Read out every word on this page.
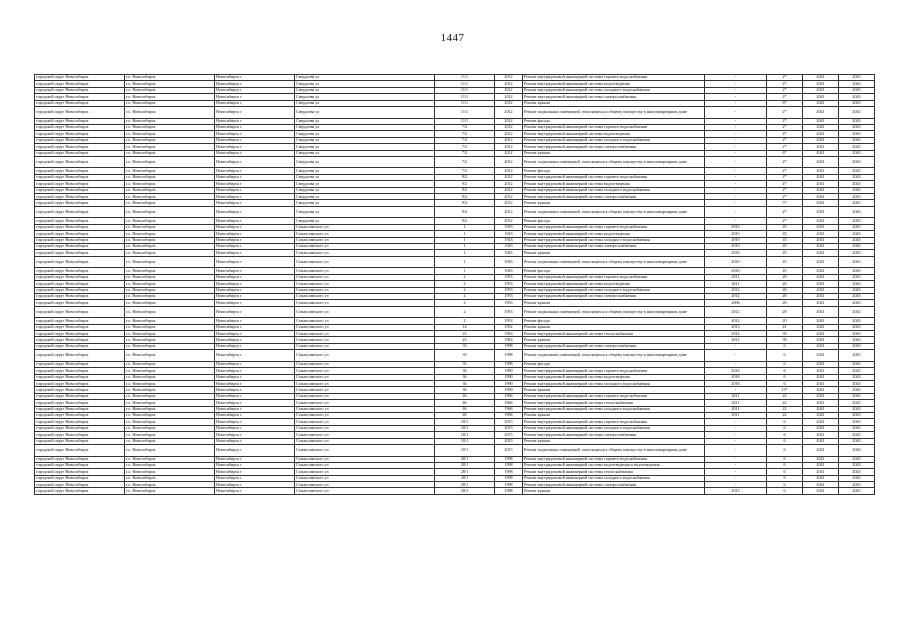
1447
городской округ Новосибирск	г.о. Новосибирск	Новосибирск г	Свердлова ул	11/1	2012	Ремонт внутридомовой инженерной системы горячего водоснабжения	-	2*	2041	2043
городской округ Новосибирск	г.о. Новосибирск	Новосибирск г	Свердлова ул	11/1	2012	Ремонт внутридомовой инженерной системы водоотведения	-	4*	2041	2043
городской округ Новосибирск	г.о. Новосибирск	Новосибирск г	Свердлова ул	11/1	2012	Ремонт внутридомовой инженерной системы холодного водоснабжения	-	2*	2041	2043
городской округ Новосибирск	г.о. Новосибирск	Новосибирск г	Свердлова ул	11/1	2012	Ремонт внутридомовой инженерной системы электроснабжения	-	2*	2041	2043
городской округ Новосибирск	г.о. Новосибирск	Новосибирск г	Свердлова ул	11/1	2012	Ремонт крыши	-	6*	2041	2043
городской округ Новосибирск	г.о. Новосибирск	Новосибирск г	Свердлова ул	11/1	2012	Ремонт подвальных помещений, относящихся к общему имуществу в многоквартирном доме	-	2*	2041	2043
городской округ Новосибирск	г.о. Новосибирск	Новосибирск г	Свердлова ул	11/1	2012	Ремонт фасада	-	2*	2041	2043
городской округ Новосибирск	г.о. Новосибирск	Новосибирск г	Свердлова ул	7/2	2012	Ремонт внутридомовой инженерной системы горячего водоснабжения	-	2*	2041	2043
городской округ Новосибирск	г.о. Новосибирск	Новосибирск г	Свердлова ул	7/2	2012	Ремонт внутридомовой инженерной системы водоотведения	-	4*	2041	2043
городской округ Новосибирск	г.о. Новосибирск	Новосибирск г	Свердлова ул	7/2	2012	Ремонт внутридомовой инженерной системы холодного водоснабжения	-	2*	2041	2043
городской округ Новосибирск	г.о. Новосибирск	Новосибирск г	Свердлова ул	7/2	2012	Ремонт внутридомовой инженерной системы электроснабжения	-	2*	2041	2043
городской округ Новосибирск	г.о. Новосибирск	Новосибирск г	Свердлова ул	7/2	2012	Ремонт крыши	-	6*	2041	2043
городской округ Новосибирск	г.о. Новосибирск	Новосибирск г	Свердлова ул	7/2	2012	Ремонт подвальных помещений, относящихся к общему имуществу в многоквартирном доме	-	2*	2041	2043
городской округ Новосибирск	г.о. Новосибирск	Новосибирск г	Свердлова ул	7/2	2012	Ремонт фасада	-	2*	2041	2043
городской округ Новосибирск	г.о. Новосибирск	Новосибирск г	Свердлова ул	9/2	2012	Ремонт внутридомовой инженерной системы горячего водоснабжения	-	2*	2041	2043
городской округ Новосибирск	г.о. Новосибирск	Новосибирск г	Свердлова ул	9/2	2012	Ремонт внутридомовой инженерной системы водоотведения	-	4*	2041	2043
городской округ Новосибирск	г.о. Новосибирск	Новосибирск г	Свердлова ул	9/2	2012	Ремонт внутридомовой инженерной системы холодного водоснабжения	-	2*	2041	2043
городской округ Новосибирск	г.о. Новосибирск	Новосибирск г	Свердлова ул	9/2	2012	Ремонт внутридомовой инженерной системы электроснабжения	-	2*	2041	2043
городской округ Новосибирск	г.о. Новосибирск	Новосибирск г	Свердлова ул	9/2	2012	Ремонт крыши	-	5*	2041	2043
городской округ Новосибирск	г.о. Новосибирск	Новосибирск г	Свердлова ул	9/2	2012	Ремонт подвальных помещений, относящихся к общему имуществу в многоквартирном доме	-	2*	2041	2043
городской округ Новосибирск	г.о. Новосибирск	Новосибирск г	Свердлова ул	9/2	2012	Ремонт фасада	-	2*	2041	2043
городской округ Новосибирск	г.о. Новосибирск	Новосибирск г	Станиславского ул	1	1943	Ремонт внутридомовой инженерной системы горячего водоснабжения	2010	45	2041	2043
городской округ Новосибирск	г.о. Новосибирск	Новосибирск г	Станиславского ул	1	1943	Ремонт внутридомовой инженерной системы водоотведения	2010	45	2041	2043
городской округ Новосибирск	г.о. Новосибирск	Новосибирск г	Станиславского ул	1	1943	Ремонт внутридомовой инженерной системы холодного водоснабжения	2010	45	2041	2043
городской округ Новосибирск	г.о. Новосибирск	Новосибирск г	Станиславского ул	1	1943	Ремонт внутридомовой инженерной системы электроснабжения	2010	45	2041	2043
городской округ Новосибирск	г.о. Новосибирск	Новосибирск г	Станиславского ул	1	1943	Ремонт крыши	2010	45	2041	2043
городской округ Новосибирск	г.о. Новосибирск	Новосибирск г	Станиславского ул	1	1943	Ремонт подвальных помещений, относящихся к общему имуществу в многоквартирном доме	2010	45	2041	2043
городской округ Новосибирск	г.о. Новосибирск	Новосибирск г	Станиславского ул	1	1943	Ремонт фасада	2010	45	2041	2043
городской округ Новосибирск	г.о. Новосибирск	Новосибирск г	Станиславского ул	2	1953	Ремонт внутридомовой инженерной системы горячего водоснабжения	2011	20	2041	2043
городской округ Новосибирск	г.о. Новосибирск	Новосибирск г	Станиславского ул	2	1953	Ремонт внутридомовой инженерной системы водоотведения	2011	20	2041	2043
городской округ Новосибирск	г.о. Новосибирск	Новосибирск г	Станиславского ул	2	1953	Ремонт внутридомовой инженерной системы холодного водоснабжения	2012	20	2041	2043
городской округ Новосибирск	г.о. Новосибирск	Новосибирск г	Станиславского ул	2	1953	Ремонт внутридомовой инженерной системы электроснабжения	2012	20	2041	2043
городской округ Новосибирск	г.о. Новосибирск	Новосибирск г	Станиславского ул	2	1953	Ремонт крыши	2006	20	2041	2043
городской округ Новосибирск	г.о. Новосибирск	Новосибирск г	Станиславского ул	2	1953	Ремонт подвальных помещений, относящихся к общему имуществу в многоквартирном доме	2012	28	2041	2043
городской округ Новосибирск	г.о. Новосибирск	Новосибирск г	Станиславского ул	2	1953	Ремонт фасада	2012	20	2041	2043
городской округ Новосибирск	г.о. Новосибирск	Новосибирск г	Станиславского ул	14	1952	Ремонт крыши	2013	41	2041	2043
городской округ Новосибирск	г.о. Новосибирск	Новосибирск г	Станиславского ул	23	1963	Ремонт внутридомовой инженерной системы теплоснабжения	2012	39	2041	2043
городской округ Новосибирск	г.о. Новосибирск	Новосибирск г	Станиславского ул	23	1963	Ремонт крыши	2012	39	2041	2043
городской округ Новосибирск	г.о. Новосибирск	Новосибирск г	Станиславского ул	35	1998	Ремонт внутридомовой инженерной системы электроснабжения	-	6	2041	2043
городской округ Новосибирск	г.о. Новосибирск	Новосибирск г	Станиславского ул	35	1998	Ремонт подвальных помещений, относящихся к общему имуществу в многоквартирном доме	-	6	2041	2043
городской округ Новосибирск	г.о. Новосибирск	Новосибирск г	Станиславского ул	35	1998	Ремонт фасада	-	6	2041	2043
городской округ Новосибирск	г.о. Новосибирск	Новосибирск г	Станиславского ул	36	1990	Ремонт внутридомовой инженерной системы горячего водоснабжения	2016	6	2041	2043
городской округ Новосибирск	г.о. Новосибирск	Новосибирск г	Станиславского ул	36	1990	Ремонт внутридомовой инженерной системы водоотведения	2016	6	2041	2043
городской округ Новосибирск	г.о. Новосибирск	Новосибирск г	Станиславского ул	36	1990	Ремонт внутридомовой инженерной системы холодного водоснабжения	2016	6	2041	2043
городской округ Новосибирск	г.о. Новосибирск	Новосибирск г	Станиславского ул	36	1990	Ремонт крыши	-	15*	2041	2043
городской округ Новосибирск	г.о. Новосибирск	Новосибирск г	Станиславского ул	46	1966	Ремонт внутридомовой инженерной системы горячего водоснабжения	2011	22	2041	2043
городской округ Новосибирск	г.о. Новосибирск	Новосибирск г	Станиславского ул	46	1966	Ремонт внутридомовой инженерной системы теплоснабжения	2011	22	2041	2043
городской округ Новосибирск	г.о. Новосибирск	Новосибирск г	Станиславского ул	46	1966	Ремонт внутридомовой инженерной системы холодного водоснабжения	2011	22	2041	2043
городской округ Новосибирск	г.о. Новосибирск	Новосибирск г	Станиславского ул	46	1966	Ремонт крыши	2011	22	2041	2043
городской округ Новосибирск	г.о. Новосибирск	Новосибирск г	Станиславского ул	18/1	2015	Ремонт внутридомовой инженерной системы горячего водоснабжения	-	6	2041	2043
городской округ Новосибирск	г.о. Новосибирск	Новосибирск г	Станиславского ул	18/1	2015	Ремонт внутридомовой инженерной системы холодного водоснабжения	-	6	2041	2043
городской округ Новосибирск	г.о. Новосибирск	Новосибирск г	Станиславского ул	18/1	2015	Ремонт внутридомовой инженерной системы электроснабжения	-	6	2041	2043
городской округ Новосибирск	г.о. Новосибирск	Новосибирск г	Станиславского ул	18/1	2015	Ремонт крыши	-	6	2041	2043
городской округ Новосибирск	г.о. Новосибирск	Новосибирск г	Станиславского ул	18/1	2015	Ремонт подвальных помещений, относящихся к общему имуществу в многоквартирном доме	-	6	2041	2043
городской округ Новосибирск	г.о. Новосибирск	Новосибирск г	Станиславского ул	28/1	1998	Ремонт внутридомовой инженерной системы горячего водоснабжения	-	6	2041	2043
городской округ Новосибирск	г.о. Новосибирск	Новосибирск г	Станиславского ул	28/1	1998	Ремонт внутридомовой инженерной системы водоотведения и водоотведения	-	6	2041	2043
городской округ Новосибирск	г.о. Новосибирск	Новосибирск г	Станиславского ул	28/1	1998	Ремонт внутридомовой инженерной системы теплоснабжения	-	6	2041	2043
городской округ Новосибирск	г.о. Новосибирск	Новосибирск г	Станиславского ул	28/1	1998	Ремонт внутридомовой инженерной системы холодного водоснабжения	-	6	2041	2043
городской округ Новосибирск	г.о. Новосибирск	Новосибирск г	Станиславского ул	28/1	1998	Ремонт внутридомовой инженерной системы электроснабжения	-	6	2041	2043
городской округ Новосибирск	г.о. Новосибирск	Новосибирск г	Станиславского ул	28/1	1998	Ремонт крыши	2015	6	2041	2043
